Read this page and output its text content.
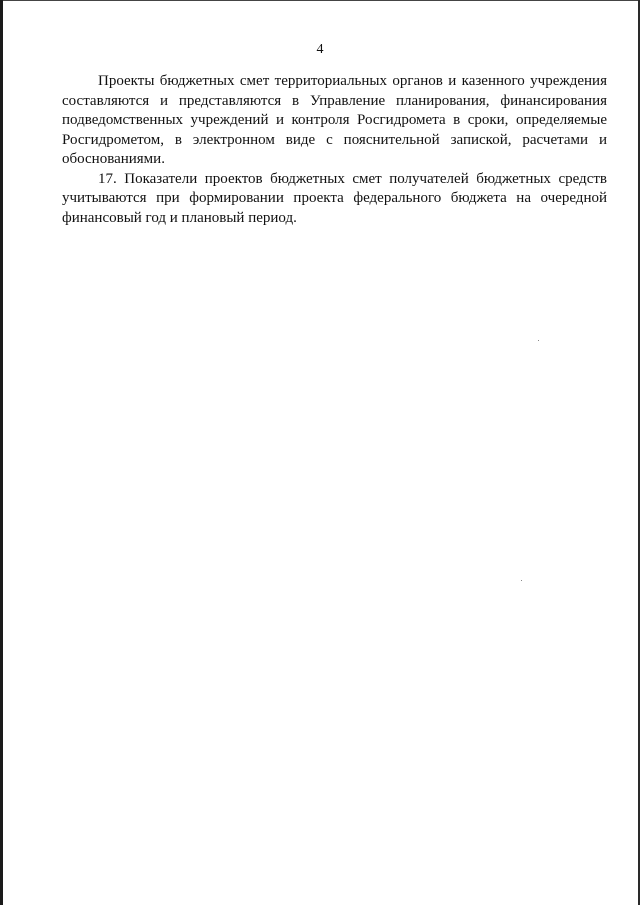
4

Проекты бюджетных смет территориальных органов и казенного учреждения составляются и представляются в Управление планирования, финансирования подведомственных учреждений и контроля Росгидромета в сроки, определяемые Росгидрометом, в электронном виде с пояснительной запиской, расчетами и обоснованиями.

17. Показатели проектов бюджетных смет получателей бюджетных средств учитываются при формировании проекта федерального бюджета на очередной финансовый год и плановый период.
